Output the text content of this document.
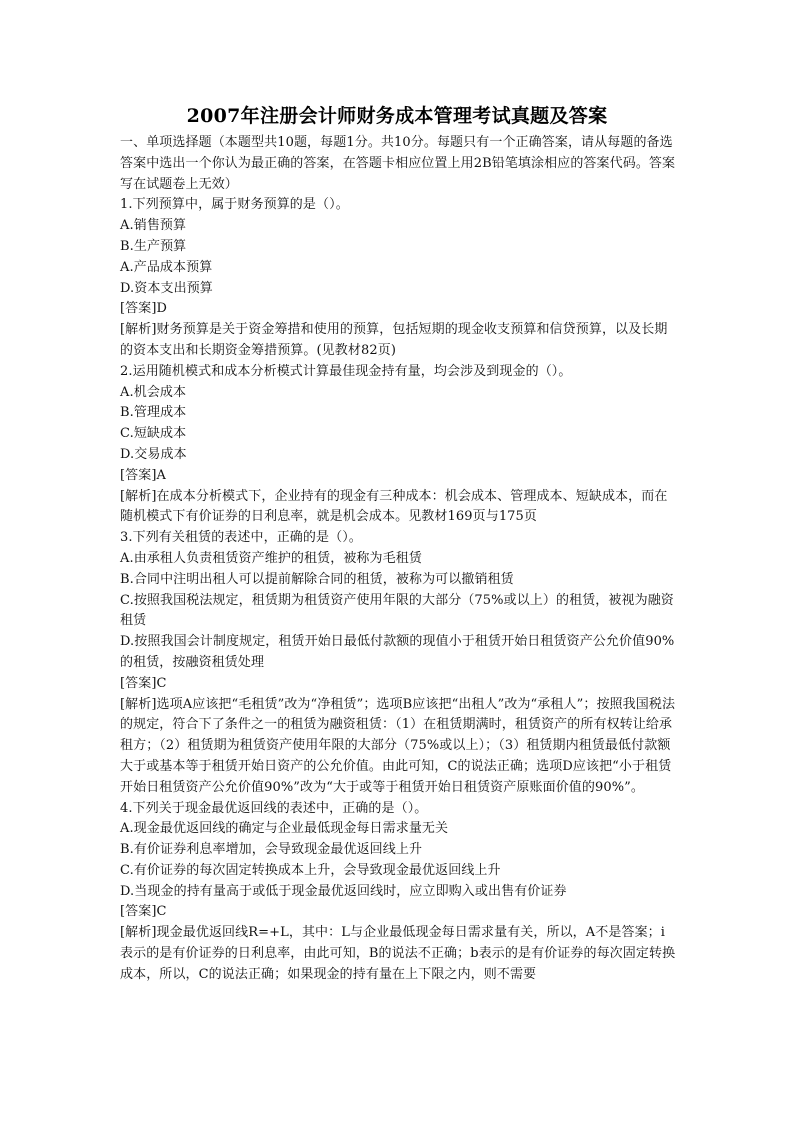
2007年注册会计师财务成本管理考试真题及答案

一、单项选择题（本题型共10题，每题1分。共10分。每题只有一个正确答案，请从每题的备选答案中选出一个你认为最正确的答案，在答题卡相应位置上用2B铅笔填涂相应的答案代码。答案写在试题卷上无效）

1.下列预算中，属于财务预算的是（）。

A.销售预算

B.生产预算

A.产品成本预算

D.资本支出预算

[答案]D

[解析]财务预算是关于资金筹措和使用的预算，包括短期的现金收支预算和信贷预算，以及长期的资本支出和长期资金筹措预算。(见教材82页)

2.运用随机模式和成本分析模式计算最佳现金持有量，均会涉及到现金的（）。

A.机会成本

B.管理成本

C.短缺成本

D.交易成本

[答案]A

[解析]在成本分析模式下，企业持有的现金有三种成本：机会成本、管理成本、短缺成本，而在随机模式下有价证券的日利息率，就是机会成本。见教材169页与175页

3.下列有关租赁的表述中，正确的是（）。

A.由承租人负责租赁资产维护的租赁，被称为毛租赁

B.合同中注明出租人可以提前解除合同的租赁，被称为可以撤销租赁

C.按照我国税法规定，租赁期为租赁资产使用年限的大部分（75%或以上）的租赁，被视为融资租赁

D.按照我国会计制度规定，租赁开始日最低付款额的现值小于租赁开始日租赁资产公允价值90%的租赁，按融资租赁处理

[答案]C

[解析]选项A应该把“毛租赁”改为“净租赁”；选项B应该把“出租人”改为“承租人”；按照我国税法的规定，符合下了条件之一的租赁为融资租赁：（1）在租赁期满时，租赁资产的所有权转让给承租方；（2）租赁期为租赁资产使用年限的大部分（75%或以上）；（3）租赁期内租赁最低付款额大于或基本等于租赁开始日资产的公允价值。由此可知，C的说法正确；选项D应该把“小于租赁开始日租赁资产公允价值90%”改为“大于或等于租赁开始日租赁资产原账面价值的90%”。

4.下列关于现金最优返回线的表述中，正确的是（）。

A.现金最优返回线的确定与企业最低现金每日需求量无关

B.有价证券利息率增加，会导致现金最优返回线上升

C.有价证券的每次固定转换成本上升，会导致现金最优返回线上升

D.当现金的持有量高于或低于现金最优返回线时，应立即购入或出售有价证券

[答案]C

[解析]现金最优返回线R=+L，其中：L与企业最低现金每日需求量有关，所以，A不是答案；i表示的是有价证券的日利息率，由此可知，B的说法不正确；b表示的是有价证券的每次固定转换成本，所以，C的说法正确；如果现金的持有量在上下限之内，则不需要
